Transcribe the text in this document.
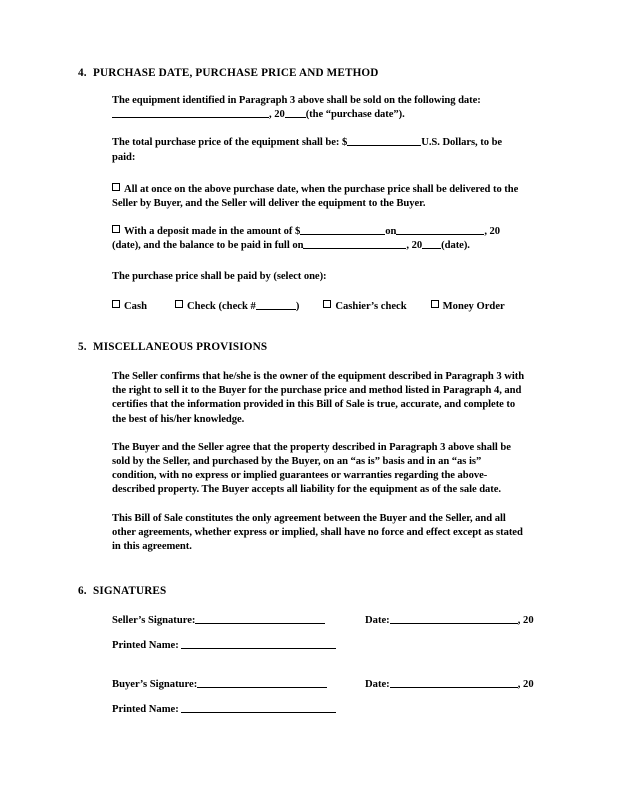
4. PURCHASE DATE, PURCHASE PRICE AND METHOD
The equipment identified in Paragraph 3 above shall be sold on the following date:
, 20 (the “purchase date”).
The total purchase price of the equipment shall be: $	U.S. Dollars, to be
paid:
All at once on the above purchase date, when the purchase price shall be delivered to the Seller by Buyer, and the Seller will deliver the equipment to the Buyer.
With a deposit made in the amount of $	on	, 20
(date), and the balance to be paid in full on	, 20 (date).
The purchase price shall be paid by (select one):
Cash	Check (check #	)	Cashier’s check	Money Order
5. MISCELLANEOUS PROVISIONS
The Seller confirms that he/she is the owner of the equipment described in Paragraph 3 with the right to sell it to the Buyer for the purchase price and method listed in Paragraph 4, and certifies that the information provided in this Bill of Sale is true, accurate, and complete to the best of his/her knowledge.
The Buyer and the Seller agree that the property described in Paragraph 3 above shall be sold by the Seller, and purchased by the Buyer, on an “as is” basis and in an “as is” condition, with no express or implied guarantees or warranties regarding the above-described property. The Buyer accepts all liability for the equipment as of the sale date.
This Bill of Sale constitutes the only agreement between the Buyer and the Seller, and all other agreements, whether express or implied, shall have no force and effect except as stated in this agreement.
6. SIGNATURES
Seller’s Signature:	Date:	, 20
Printed Name:
Buyer’s Signature:	Date:	, 20
Printed Name:
